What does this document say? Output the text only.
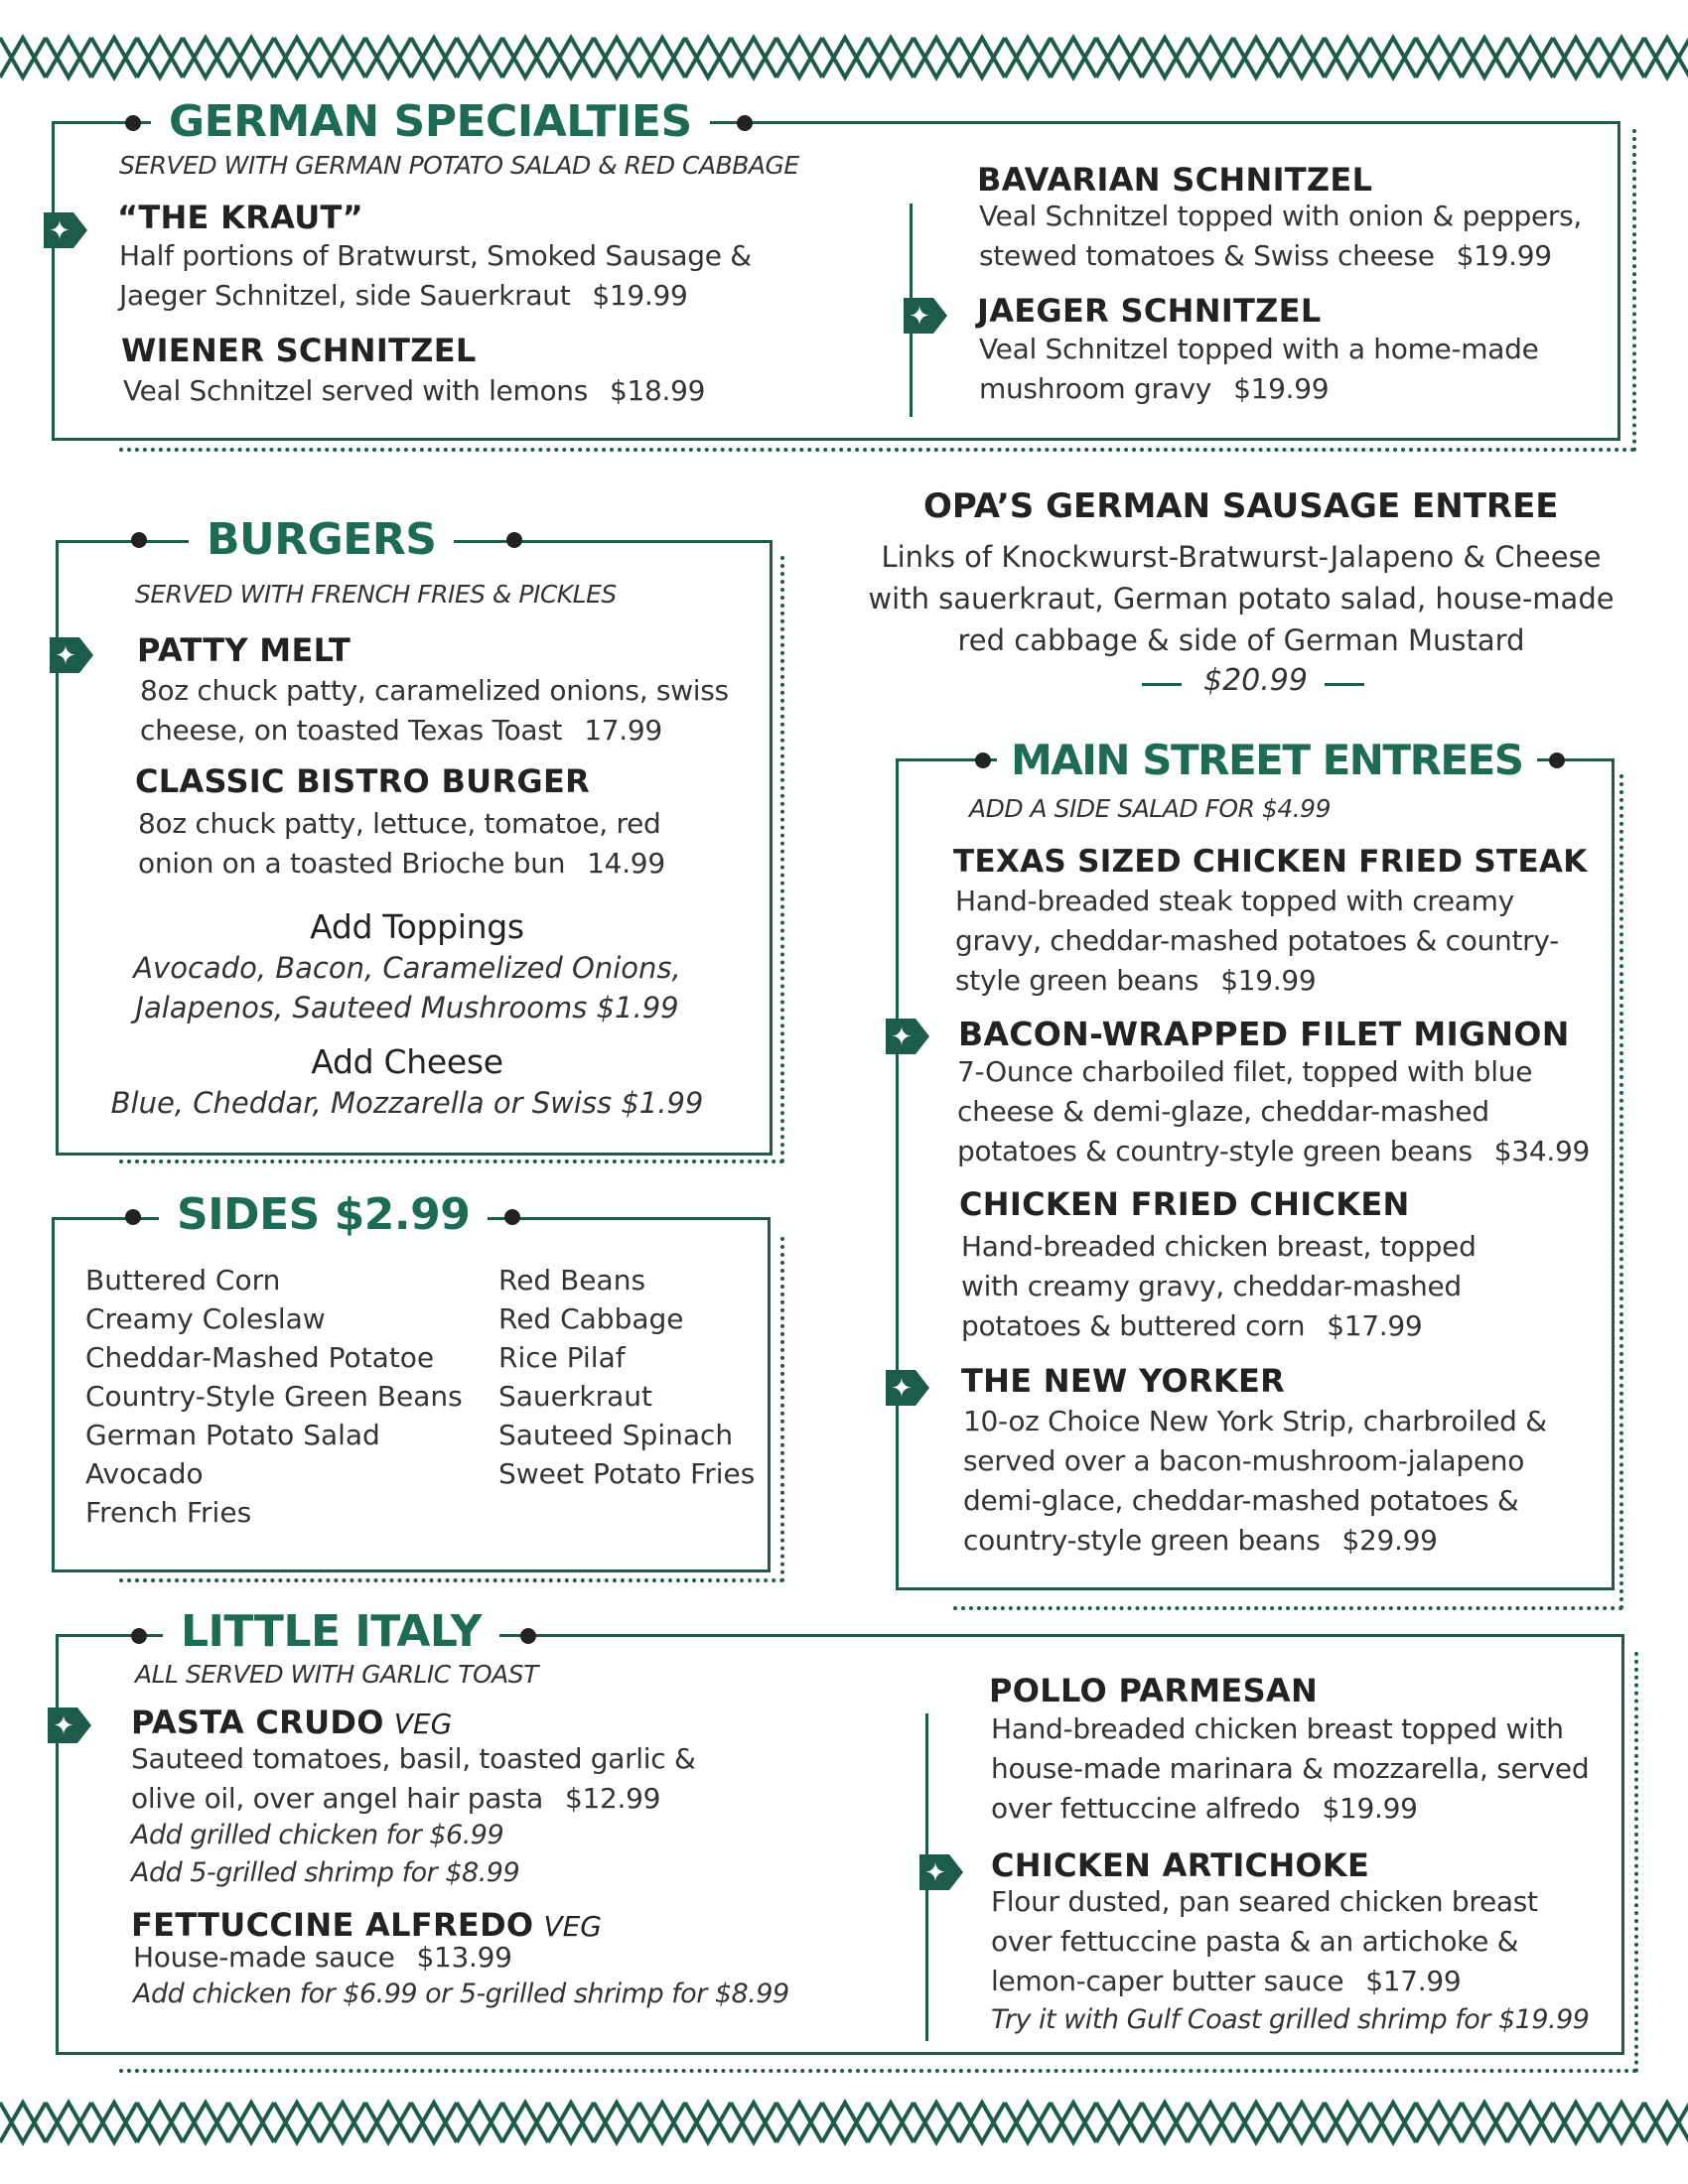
GERMAN SPECIALTIES
SERVED WITH GERMAN POTATO SALAD & RED CABBAGE
✦ “THE KRAUT”
Half portions of Bratwurst, Smoked Sausage & Jaeger Schnitzel, side Sauerkraut $19.99
WIENER SCHNITZEL
Veal Schnitzel served with lemons $18.99
BAVARIAN SCHNITZEL
Veal Schnitzel topped with onion & peppers, stewed tomatoes & Swiss cheese $19.99
✦ JAEGER SCHNITZEL
Veal Schnitzel topped with a home-made mushroom gravy $19.99
BURGERS
SERVED WITH FRENCH FRIES & PICKLES
✦ PATTY MELT
8oz chuck patty, caramelized onions, swiss cheese, on toasted Texas Toast 17.99
CLASSIC BISTRO BURGER
8oz chuck patty, lettuce, tomatoe, red onion on a toasted Brioche bun 14.99
Add Toppings
Avocado, Bacon, Caramelized Onions,
Jalapenos, Sauteed Mushrooms $1.99
Add Cheese
Blue, Cheddar, Mozzarella or Swiss $1.99
OPA’S GERMAN SAUSAGE ENTREE
Links of Knockwurst-Bratwurst-Jalapeno & Cheese with sauerkraut, German potato salad, house-made red cabbage & side of German Mustard
$20.99
SIDES $2.99
Buttered Corn
Creamy Coleslaw
Cheddar-Mashed Potatoe
Country-Style Green Beans
German Potato Salad
Avocado
French Fries
Red Beans
Red Cabbage
Rice Pilaf
Sauerkraut
Sauteed Spinach
Sweet Potato Fries
MAIN STREET ENTREES
ADD A SIDE SALAD FOR $4.99
TEXAS SIZED CHICKEN FRIED STEAK
Hand-breaded steak topped with creamy gravy, cheddar-mashed potatoes & country-style green beans $19.99
✦ BACON-WRAPPED FILET MIGNON
7-Ounce charboiled filet, topped with blue cheese & demi-glaze, cheddar-mashed potatoes & country-style green beans $34.99
CHICKEN FRIED CHICKEN
Hand-breaded chicken breast, topped with creamy gravy, cheddar-mashed potatoes & buttered corn $17.99
✦ THE NEW YORKER
10-oz Choice New York Strip, charbroiled & served over a bacon-mushroom-jalapeno demi-glace, cheddar-mashed potatoes & country-style green beans $29.99
LITTLE ITALY
ALL SERVED WITH GARLIC TOAST
✦ PASTA CRUDO VEG
Sauteed tomatoes, basil, toasted garlic & olive oil, over angel hair pasta $12.99
Add grilled chicken for $6.99
Add 5-grilled shrimp for $8.99
FETTUCCINE ALFREDO VEG
House-made sauce $13.99
Add chicken for $6.99 or 5-grilled shrimp for $8.99
POLLO PARMESAN
Hand-breaded chicken breast topped with house-made marinara & mozzarella, served over fettuccine alfredo $19.99
✦ CHICKEN ARTICHOKE
Flour dusted, pan seared chicken breast over fettuccine pasta & an artichoke & lemon-caper butter sauce $17.99
Try it with Gulf Coast grilled shrimp for $19.99
